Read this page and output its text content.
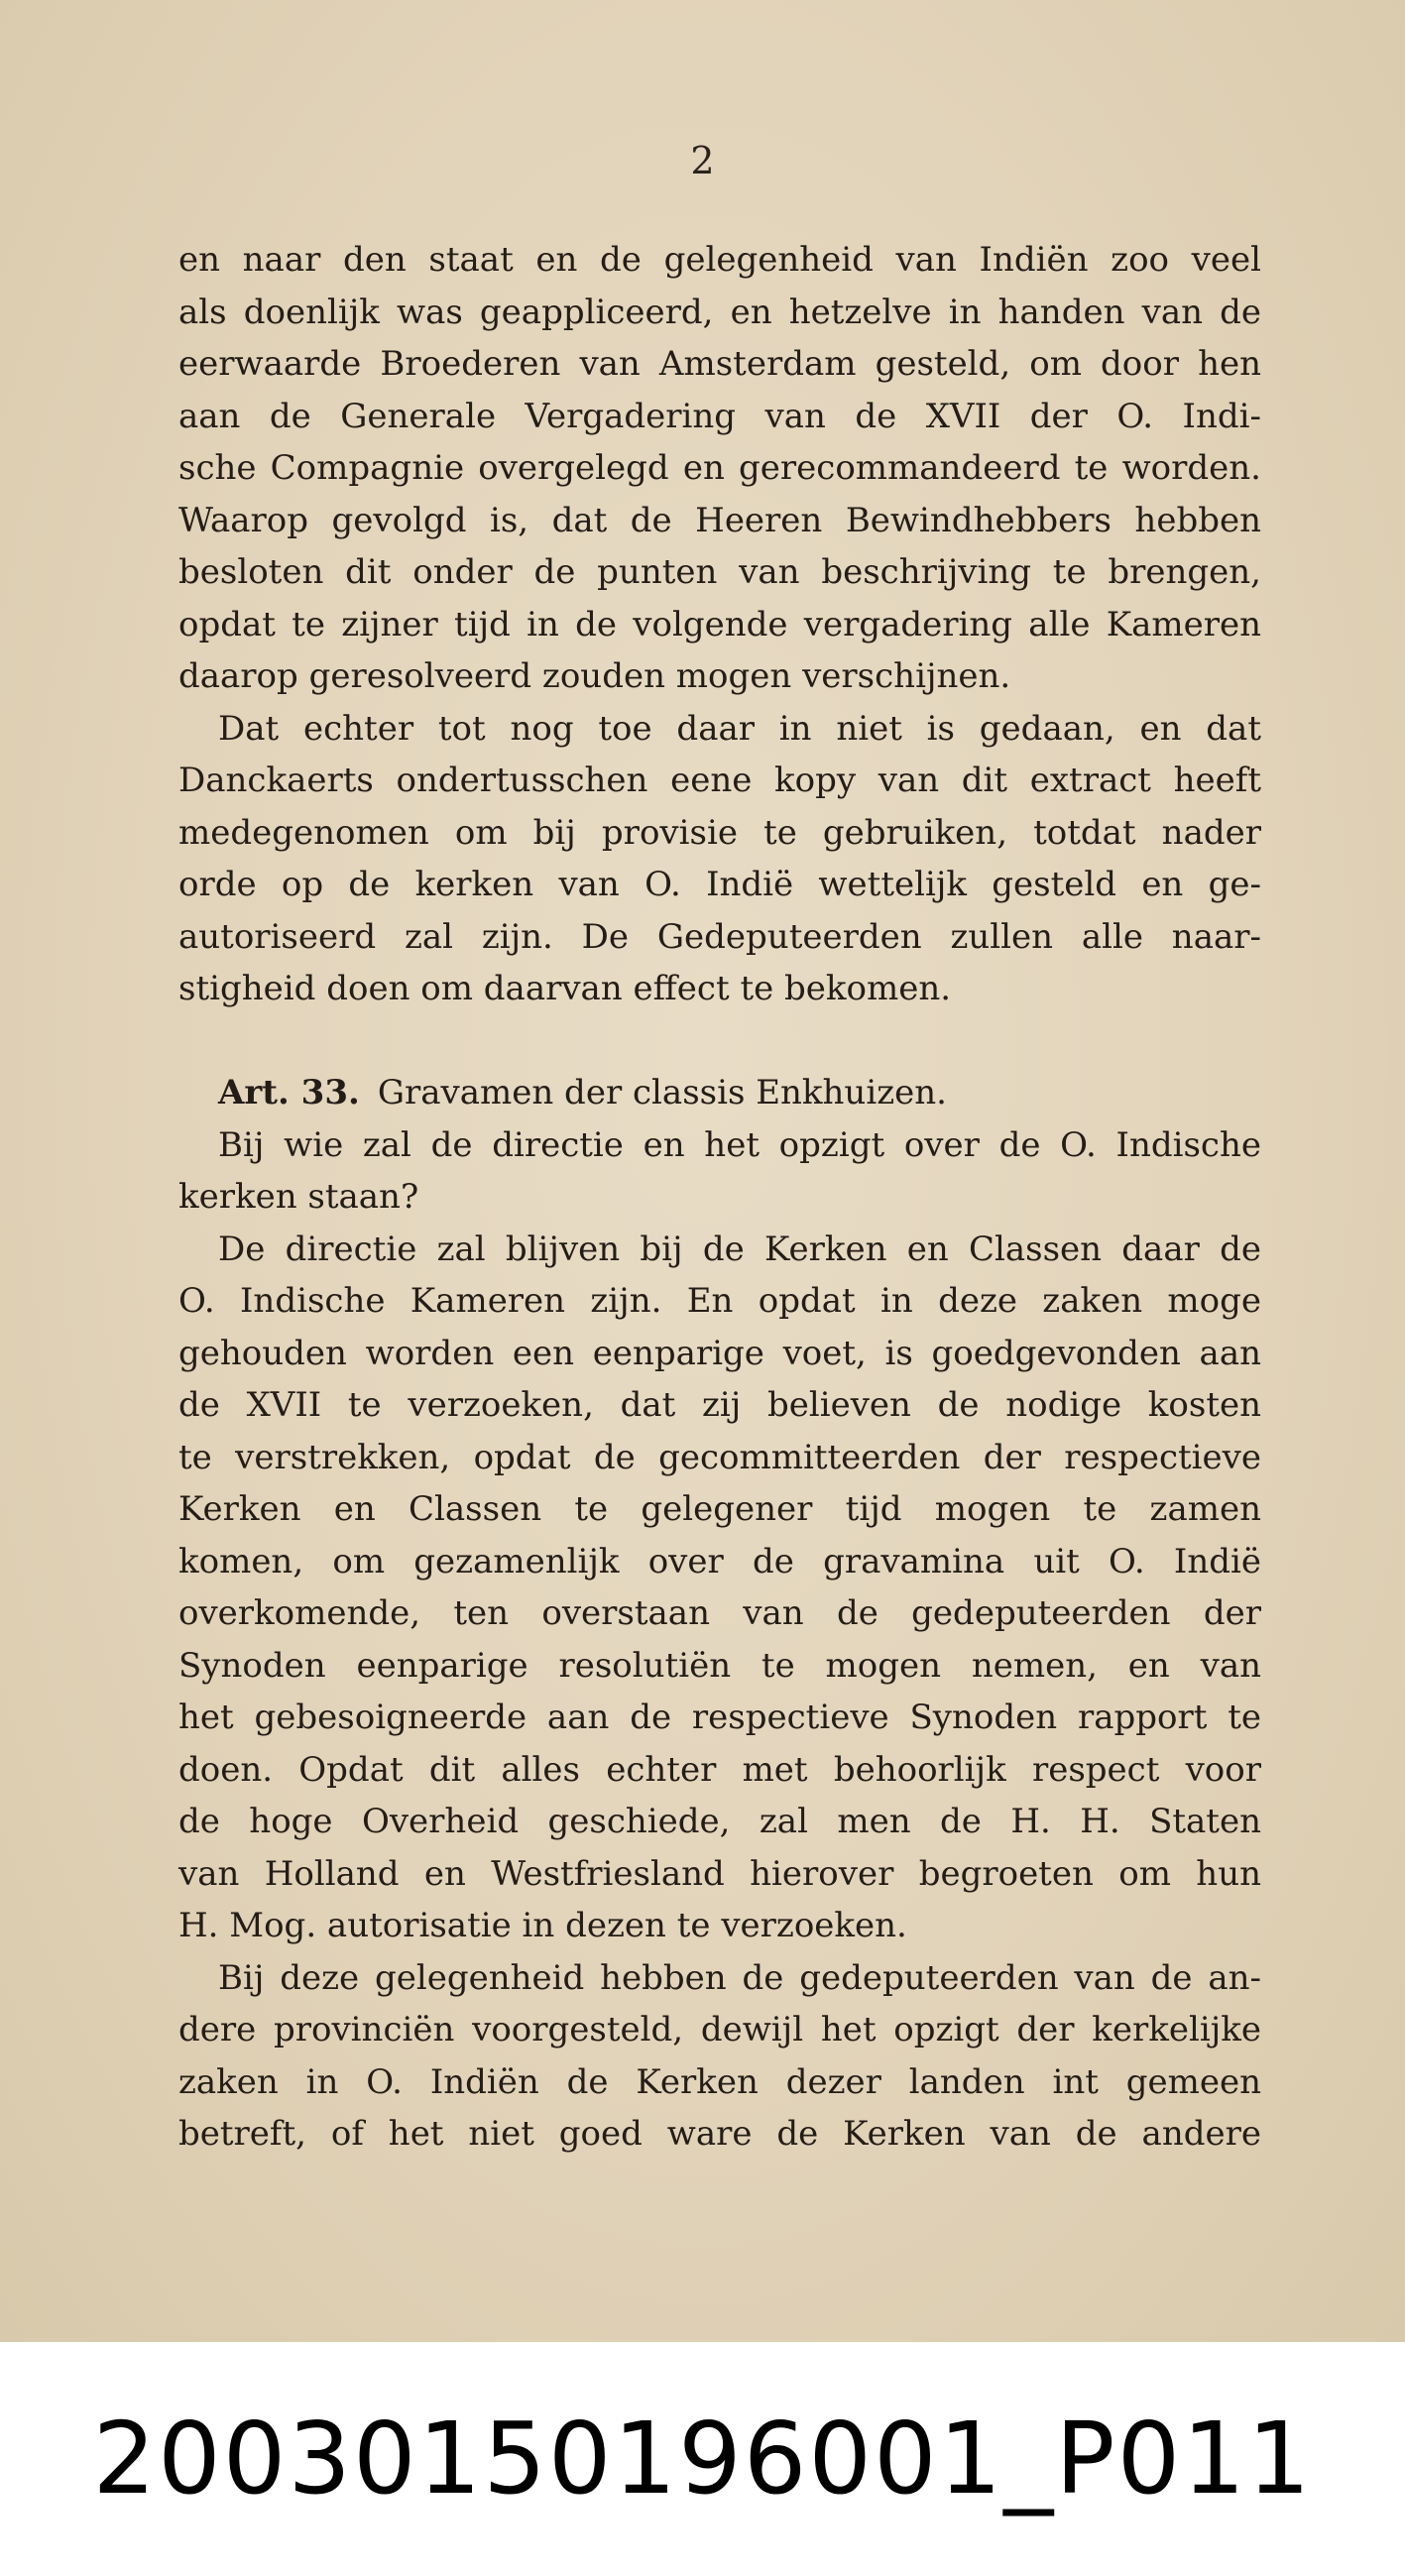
2
en naar den staat en de gelegenheid van Indiën zoo veel
als doenlijk was geappliceerd, en hetzelve in handen van de
eerwaarde Broederen van Amsterdam gesteld, om door hen
aan de Generale Vergadering van de XVII der O. Indi-
sche Compagnie overgelegd en gerecommandeerd te worden.
Waarop gevolgd is, dat de Heeren Bewindhebbers hebben
besloten dit onder de punten van beschrijving te brengen,
opdat te zijner tijd in de volgende vergadering alle Kameren
daarop geresolveerd zouden mogen verschijnen.
Dat echter tot nog toe daar in niet is gedaan, en dat
Danckaerts ondertusschen eene kopy van dit extract heeft
medegenomen om bij provisie te gebruiken, totdat nader
orde op de kerken van O. Indië wettelijk gesteld en ge-
autoriseerd zal zijn. De Gedeputeerden zullen alle naar-
stigheid doen om daarvan effect te bekomen.
Art. 33. Gravamen der classis Enkhuizen.
Bij wie zal de directie en het opzigt over de O. Indische
kerken staan?
De directie zal blijven bij de Kerken en Classen daar de
O. Indische Kameren zijn. En opdat in deze zaken moge
gehouden worden een eenparige voet, is goedgevonden aan
de XVII te verzoeken, dat zij believen de nodige kosten
te verstrekken, opdat de gecommitteerden der respectieve
Kerken en Classen te gelegener tijd mogen te zamen
komen, om gezamenlijk over de gravamina uit O. Indië
overkomende, ten overstaan van de gedeputeerden der
Synoden eenparige resolutiën te mogen nemen, en van
het gebesoigneerde aan de respectieve Synoden rapport te
doen. Opdat dit alles echter met behoorlijk respect voor
de hoge Overheid geschiede, zal men de H. H. Staten
van Holland en Westfriesland hierover begroeten om hun
H. Mog. autorisatie in dezen te verzoeken.
Bij deze gelegenheid hebben de gedeputeerden van de an-
dere provinciën voorgesteld, dewijl het opzigt der kerkelijke
zaken in O. Indiën de Kerken dezer landen int gemeen
betreft, of het niet goed ware de Kerken van de andere
20030150196001_P011
